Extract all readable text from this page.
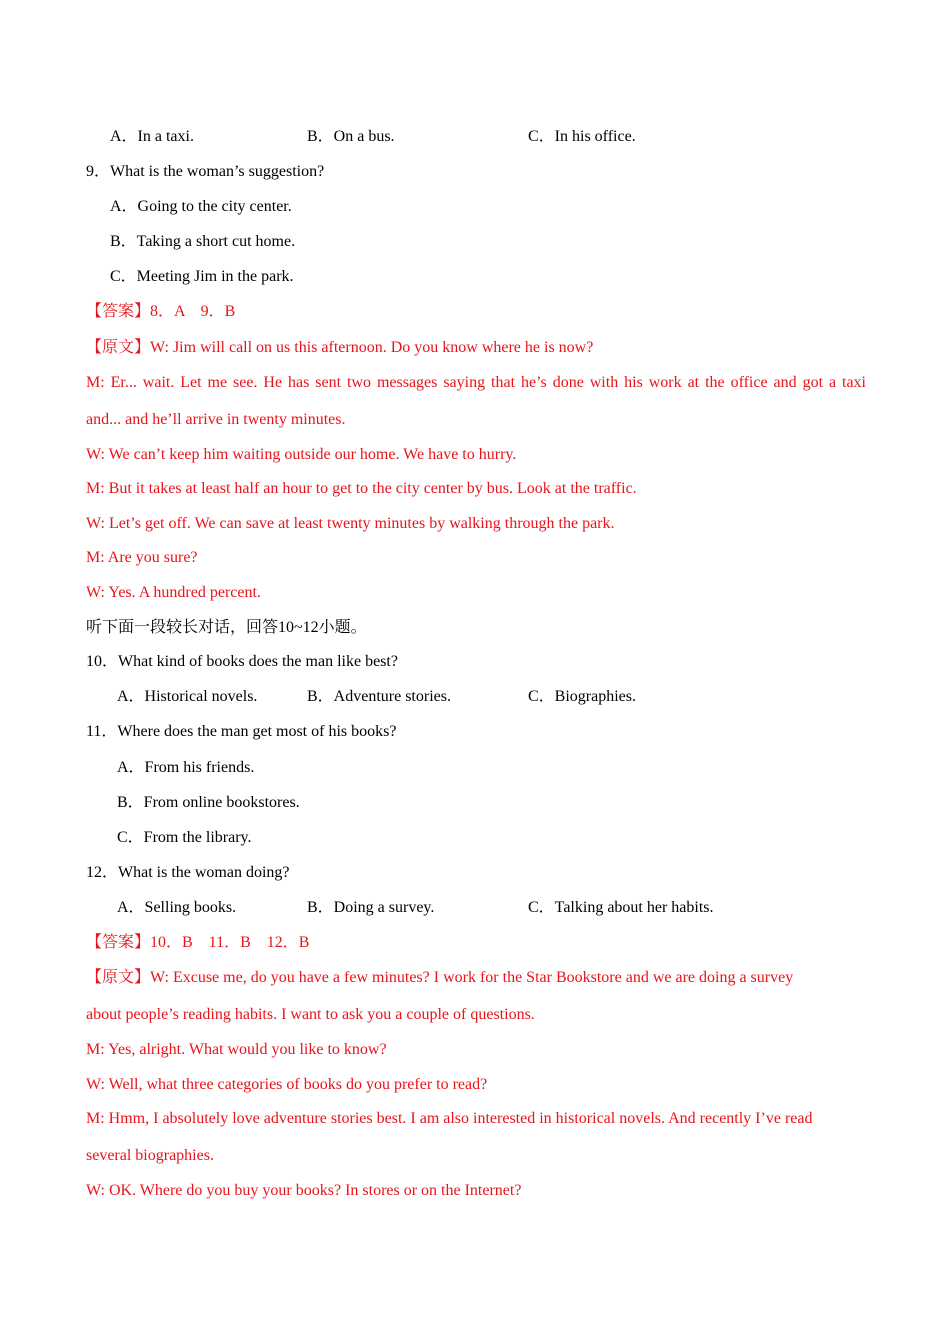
A．In a taxi.	B．On a bus.	C．In his office.
9．What is the woman’s suggestion?
A．Going to the city center.
B．Taking a short cut home.
C．Meeting Jim in the park.
【答案】8．A　9．B
【原文】W: Jim will call on us this afternoon. Do you know where he is now?
M: Er... wait. Let me see. He has sent two messages saying that he’s done with his work at the office and got a taxi
and... and he’ll arrive in twenty minutes.
W: We can’t keep him waiting outside our home. We have to hurry.
M: But it takes at least half an hour to get to the city center by bus. Look at the traffic.
W: Let’s get off. We can save at least twenty minutes by walking through the park.
M: Are you sure?
W: Yes. A hundred percent.
听下面一段较长对话，回答10~12小题。
10．What kind of books does the man like best?
A．Historical novels.	B．Adventure stories.	C．Biographies.
11．Where does the man get most of his books?
A．From his friends.
B．From online bookstores.
C．From the library.
12．What is the woman doing?
A．Selling books.	B．Doing a survey.	C．Talking about her habits.
【答案】10．B　11．B　12．B
【原文】W: Excuse me, do you have a few minutes? I work for the Star Bookstore and we are doing a survey
about people’s reading habits. I want to ask you a couple of questions.
M: Yes, alright. What would you like to know?
W: Well, what three categories of books do you prefer to read?
M: Hmm, I absolutely love adventure stories best. I am also interested in historical novels. And recently I’ve read
several biographies.
W: OK. Where do you buy your books? In stores or on the Internet?
